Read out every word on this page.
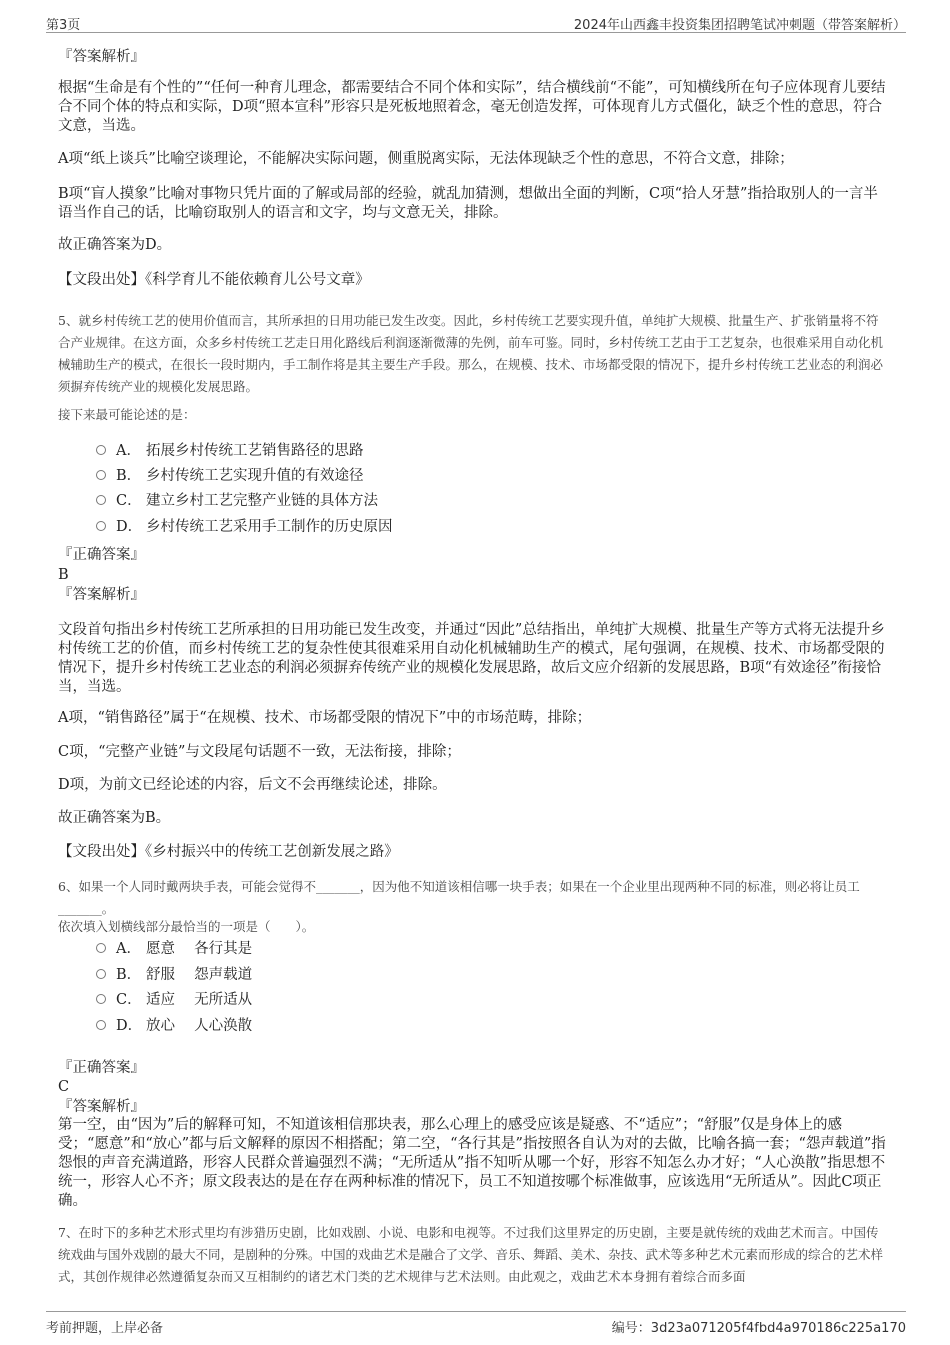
第3页	2024年山西鑫丰投资集团招聘笔试冲刺题（带答案解析）
『答案解析』
根据“生命是有个性的”“任何一种育儿理念，都需要结合不同个体和实际”，结合横线前“不能”，可知横线所在句子应体现育儿要结合不同个体的特点和实际，D项“照本宣科”形容只是死板地照着念，毫无创造发挥，可体现育儿方式僵化，缺乏个性的意思，符合文意，当选。
A项“纸上谈兵”比喻空谈理论，不能解决实际问题，侧重脱离实际，无法体现缺乏个性的意思，不符合文意，排除；
B项“盲人摸象”比喻对事物只凭片面的了解或局部的经验，就乱加猜测，想做出全面的判断，C项“拾人牙慧”指拾取别人的一言半语当作自己的话，比喻窃取别人的语言和文字，均与文意无关，排除。
故正确答案为D。
【文段出处】《科学育儿不能依赖育儿公号文章》
5、就乡村传统工艺的使用价值而言，其所承担的日用功能已发生改变。因此，乡村传统工艺要实现升值，单纯扩大规模、批量生产、扩张销量将不符合产业规律。在这方面，众多乡村传统工艺走日用化路线后利润逐渐微薄的先例，前车可鉴。同时，乡村传统工艺由于工艺复杂，也很难采用自动化机械辅助生产的模式，在很长一段时期内，手工制作将是其主要生产手段。那么，在规模、技术、市场都受限的情况下，提升乡村传统工艺业态的利润必须摒弃传统产业的规模化发展思路。
接下来最可能论述的是：
A． 拓展乡村传统工艺销售路径的思路
B． 乡村传统工艺实现升值的有效途径
C． 建立乡村工艺完整产业链的具体方法
D． 乡村传统工艺采用手工制作的历史原因
『正确答案』
B
『答案解析』
文段首句指出乡村传统工艺所承担的日用功能已发生改变，并通过“因此”总结指出，单纯扩大规模、批量生产等方式将无法提升乡村传统工艺的价值，而乡村传统工艺的复杂性使其很难采用自动化机械辅助生产的模式，尾句强调，在规模、技术、市场都受限的情况下，提升乡村传统工艺业态的利润必须摒弃传统产业的规模化发展思路，故后文应介绍新的发展思路，B项“有效途径”衔接恰当，当选。
A项，“销售路径”属于“在规模、技术、市场都受限的情况下”中的市场范畴，排除；
C项，“完整产业链”与文段尾句话题不一致，无法衔接，排除；
D项，为前文已经论述的内容，后文不会再继续论述，排除。
故正确答案为B。
【文段出处】《乡村振兴中的传统工艺创新发展之路》
6、如果一个人同时戴两块手表，可能会觉得不_______，因为他不知道该相信哪一块手表；如果在一个企业里出现两种不同的标准，则必将让员工_______。
依次填入划横线部分最恰当的一项是（　　）。
A． 愿意　 各行其是
B． 舒服　 怨声载道
C． 适应　 无所适从
D． 放心　 人心涣散
『正确答案』
C
『答案解析』
第一空，由“因为”后的解释可知，不知道该相信那块表，那么心理上的感受应该是疑惑、不“适应”；“舒服”仅是身体上的感受；“愿意”和“放心”都与后文解释的原因不相搭配；第二空，“各行其是”指按照各自认为对的去做，比喻各搞一套；“怨声载道”指怨恨的声音充满道路，形容人民群众普遍强烈不满；“无所适从”指不知听从哪一个好，形容不知怎么办才好；“人心涣散”指思想不统一，形容人心不齐；原文段表达的是在存在两种标准的情况下，员工不知道按哪个标准做事，应该选用“无所适从”。因此C项正确。
7、在时下的多种艺术形式里均有涉猎历史剧，比如戏剧、小说、电影和电视等。不过我们这里界定的历史剧，主要是就传统的戏曲艺术而言。中国传统戏曲与国外戏剧的最大不同，是剧种的分殊。中国的戏曲艺术是融合了文学、音乐、舞蹈、美术、杂技、武术等多种艺术元素而形成的综合的艺术样式，其创作规律必然遵循复杂而又互相制约的诸艺术门类的艺术规律与艺术法则。由此观之，戏曲艺术本身拥有着综合而多面
考前押题，上岸必备	编号：3d23a071205f4fbd4a970186c225a170
